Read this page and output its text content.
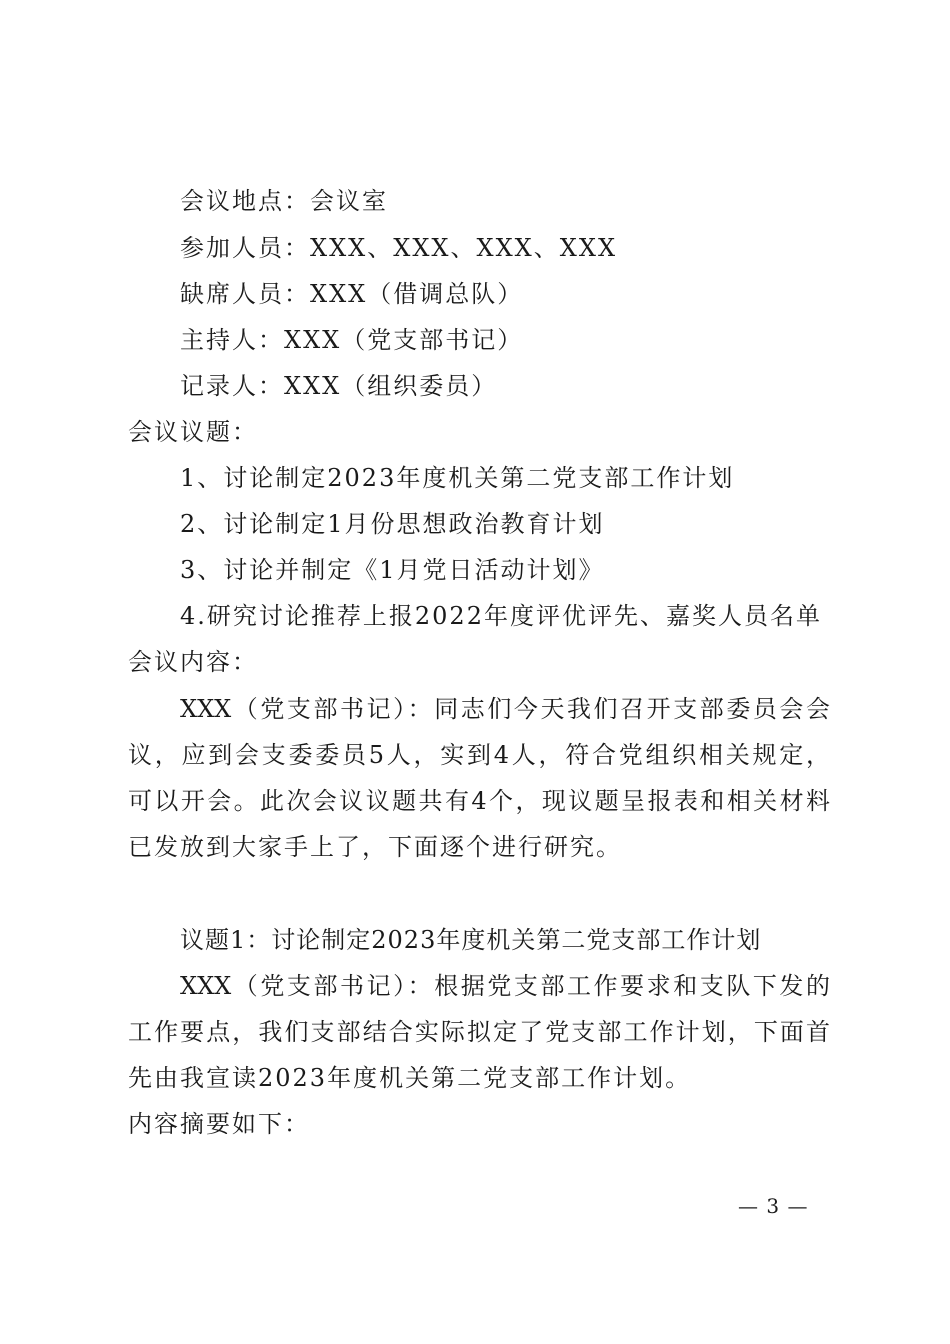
会议地点：会议室
参加人员：XXX、XXX、XXX、XXX
缺席人员：XXX（借调总队）
主持人：XXX（党支部书记）
记录人：XXX（组织委员）
会议议题：
1、讨论制定2023年度机关第二党支部工作计划
2、讨论制定1月份思想政治教育计划
3、讨论并制定《1月党日活动计划》
4.研究讨论推荐上报2022年度评优评先、嘉奖人员名单
会议内容：
XXX（党支部书记）：同志们今天我们召开支部委员会会
议，应到会支委委员5人，实到4人，符合党组织相关规定，
可以开会。此次会议议题共有4个，现议题呈报表和相关材料
已发放到大家手上了，下面逐个进行研究。
议题1：讨论制定2023年度机关第二党支部工作计划
XXX（党支部书记）：根据党支部工作要求和支队下发的
工作要点，我们支部结合实际拟定了党支部工作计划，下面首
先由我宣读2023年度机关第二党支部工作计划。
内容摘要如下：
— 3 —
